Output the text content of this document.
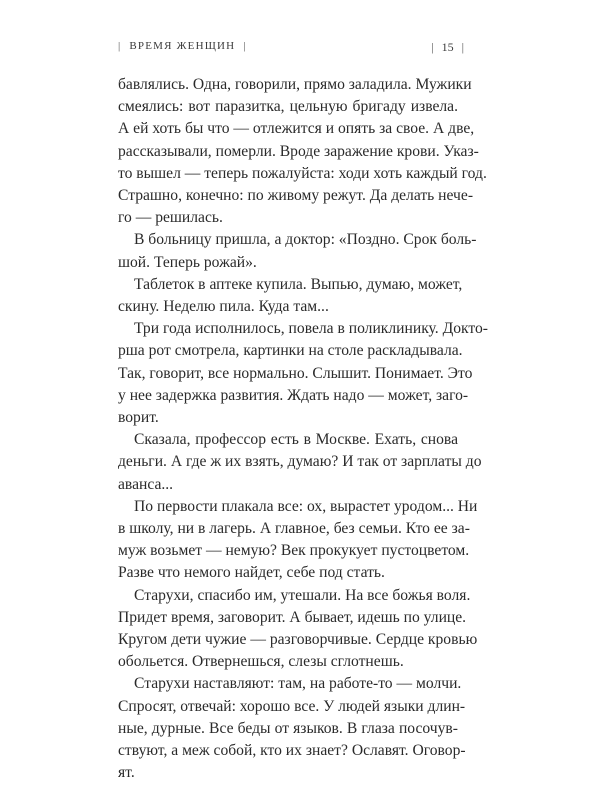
| ВРЕМЯ ЖЕНЩИН |	| 15 |
бавлялись. Одна, говорили, прямо заладила. Мужики
смеялись: вот паразитка, цельную бригаду извела.
А ей хоть бы что — отлежится и опять за свое. А две,
рассказывали, померли. Вроде заражение крови. Указ-
то вышел — теперь пожалуйста: ходи хоть каждый год.
Страшно, конечно: по живому режут. Да делать нече-
го — решилась.
В больницу пришла, а доктор: «Поздно. Срок боль-
шой. Теперь рожай».
Таблеток в аптеке купила. Выпью, думаю, может,
скину. Неделю пила. Куда там...
Три года исполнилось, повела в поликлинику. Докто-
рша рот смотрела, картинки на столе раскладывала.
Так, говорит, все нормально. Слышит. Понимает. Это
у нее задержка развития. Ждать надо — может, заго-
ворит.
Сказала, профессор есть в Москве. Ехать, снова
деньги. А где ж их взять, думаю? И так от зарплаты до
аванса...
По первости плакала все: ох, вырастет уродом... Ни
в школу, ни в лагерь. А главное, без семьи. Кто ее за-
муж возьмет — немую? Век прокукует пустоцветом.
Разве что немого найдет, себе под стать.
Старухи, спасибо им, утешали. На все божья воля.
Придет время, заговорит. А бывает, идешь по улице.
Кругом дети чужие — разговорчивые. Сердце кровью
обольется. Отвернешься, слезы сглотнешь.
Старухи наставляют: там, на работе-то — молчи.
Спросят, отвечай: хорошо все. У людей языки длин-
ные, дурные. Все беды от языков. В глаза посочув-
ствуют, а меж собой, кто их знает? Ославят. Оговор-
ят.
